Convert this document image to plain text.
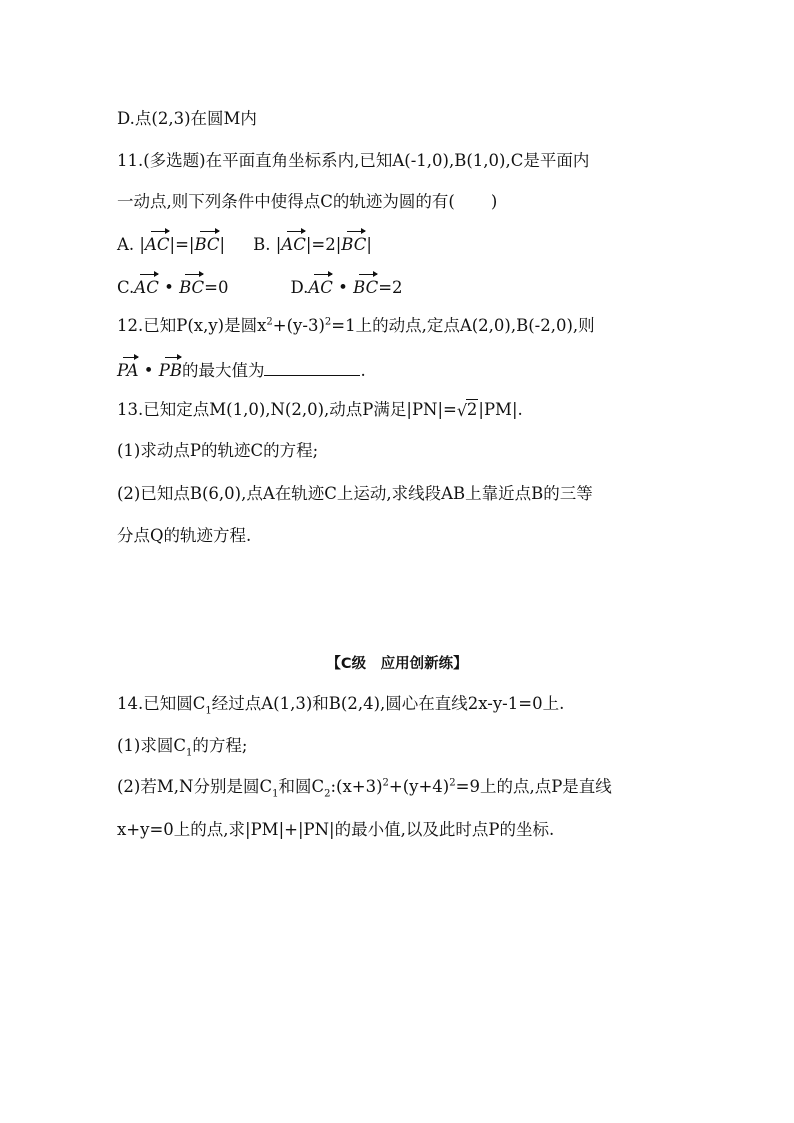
D.点(2,3)在圆M内
11.(多选题)在平面直角坐标系内,已知A(-1,0),B(1,0),C是平面内
一动点,则下列条件中使得点C的轨迹为圆的有( )
A. |AC|=|BC| B. |AC|=2|BC|
C.AC • BC=0	D.AC • BC=2
12.已知P(x,y)是圆$x^2+(y-3)^2=1$上的动点,定点A(2,0),B(-2,0),则
PA • PB的最大值为	.
13.已知定点M(1,0),N(2,0),动点P满足|PN|= √ 2|PM|.
(1)求动点P的轨迹C的方程;
(2)已知点B(6,0),点A在轨迹C上运动,求线段AB上靠近点B的三等
分点Q的轨迹方程.
【C级　应用创新练】
14.已知圆$C_1$经过点A(1,3)和B(2,4),圆心在直线2x-y-1=0上.
(1)求圆$C_1$的方程;
(2)若M,N分别是圆$C_1$和圆$C_2:(x+3)^2+(y+4)^2=9$上的点,点P是直线
x+y=0上的点,求|PM|+|PN|的最小值,以及此时点P的坐标.
